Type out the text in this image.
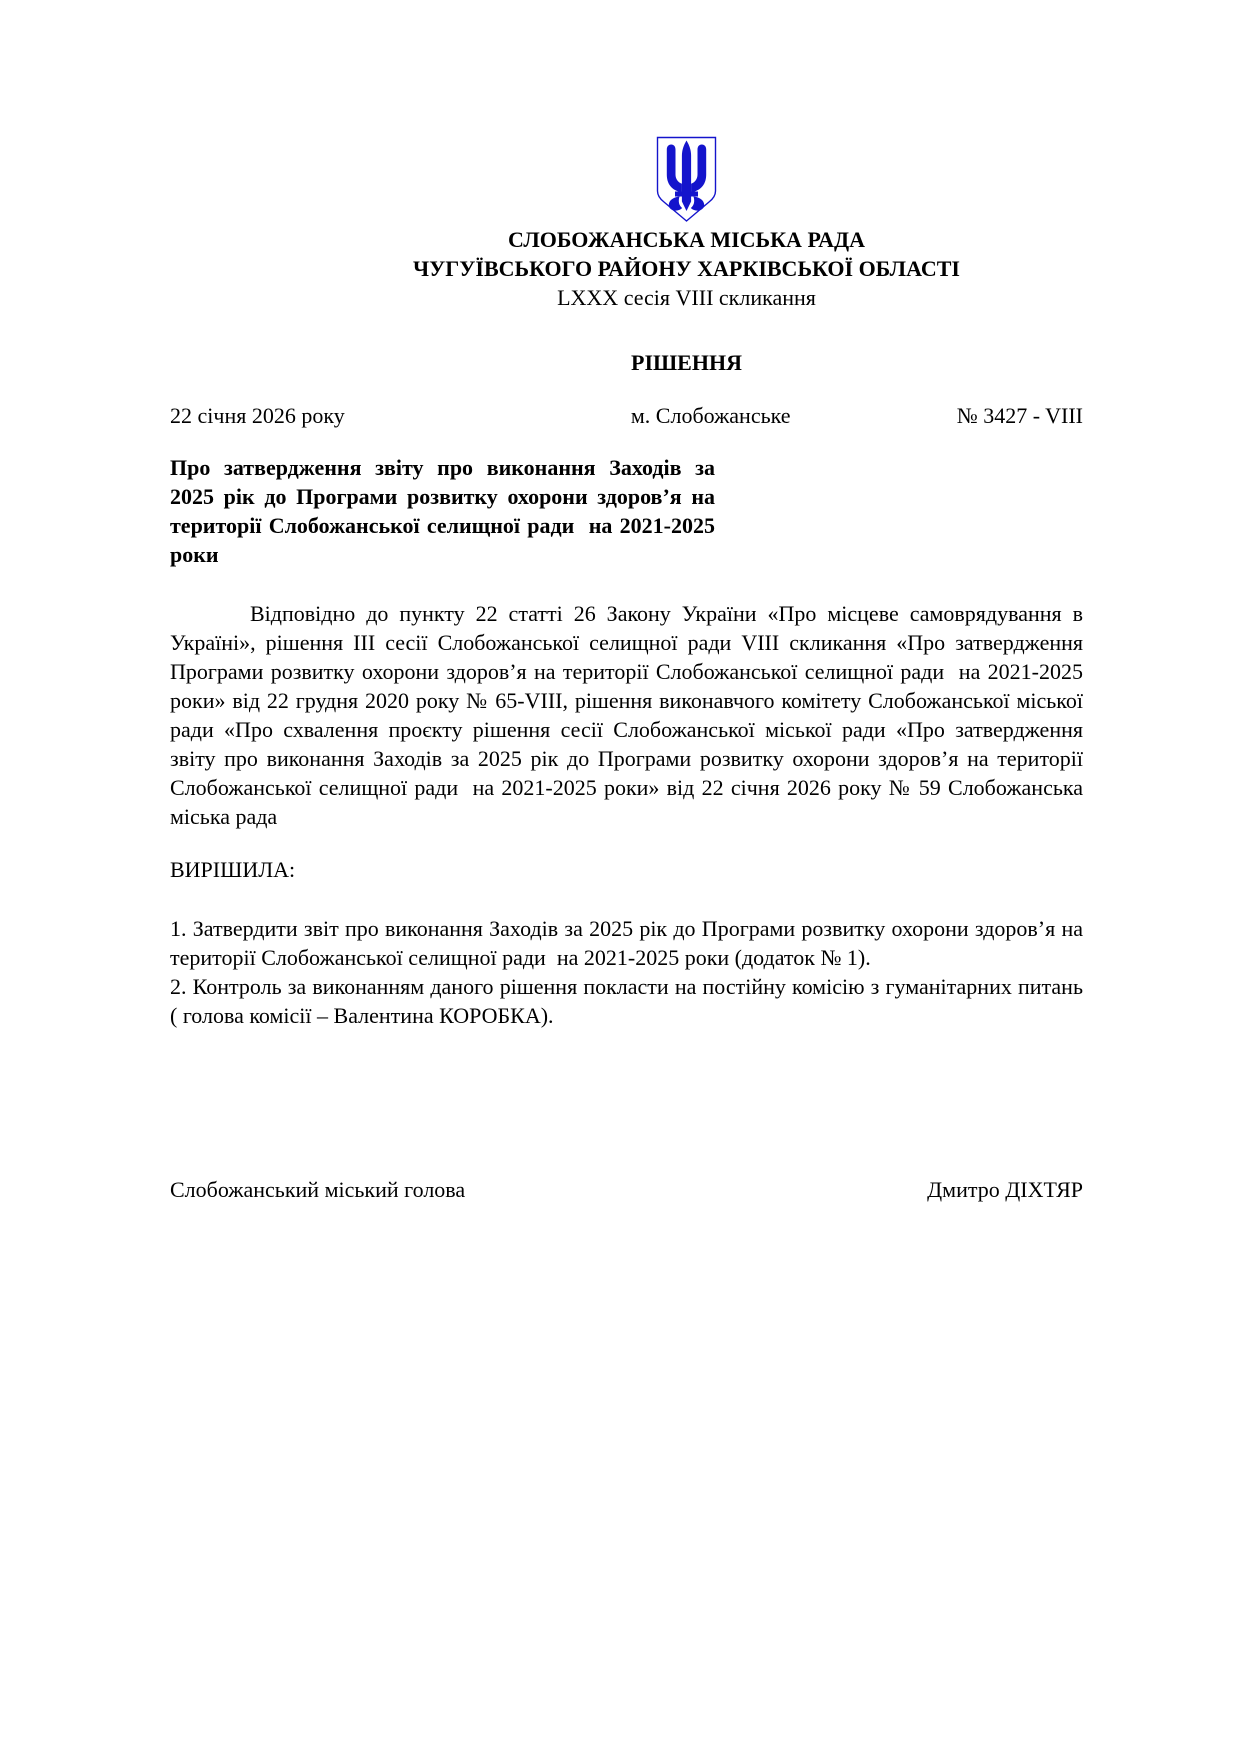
СЛОБОЖАНСЬКА МІСЬКА РАДА
ЧУГУЇВСЬКОГО РАЙОНУ ХАРКІВСЬКОЇ ОБЛАСТІ
LXXX сесія VIII скликання
РІШЕННЯ
22 січня 2026 року	м. Слобожанське	№ 3427 - VIII
Про затвердження звіту про виконання Заходів за 2025 рік до Програми розвитку охорони здоров’я на території Слобожанської селищної ради  на 2021-2025 роки

Відповідно до пункту 22 статті 26 Закону України «Про місцеве самоврядування в Україні», рішення ІІІ сесії Слобожанської селищної ради VIII скликання «Про затвердження Програми розвитку охорони здоров’я на території Слобожанської селищної ради  на 2021-2025 роки» від 22 грудня 2020 року № 65-VIII, рішення виконавчого комітету Слобожанської міської ради «Про схвалення проєкту рішення сесії Слобожанської міської ради «Про затвердження звіту про виконання Заходів за 2025 рік до Програми розвитку охорони здоров’я на території Слобожанської селищної ради  на 2021-2025 роки» від 22 січня 2026 року № 59 Слобожанська міська рада

ВИРІШИЛА:

1. Затвердити звіт про виконання Заходів за 2025 рік до Програми розвитку охорони здоров’я на території Слобожанської селищної ради  на 2021-2025 роки (додаток № 1).

2. Контроль за виконанням даного рішення покласти на постійну комісію з гуманітарних питань ( голова комісії – Валентина КОРОБКА).

Слобожанський міський голова	Дмитро ДІХТЯР
